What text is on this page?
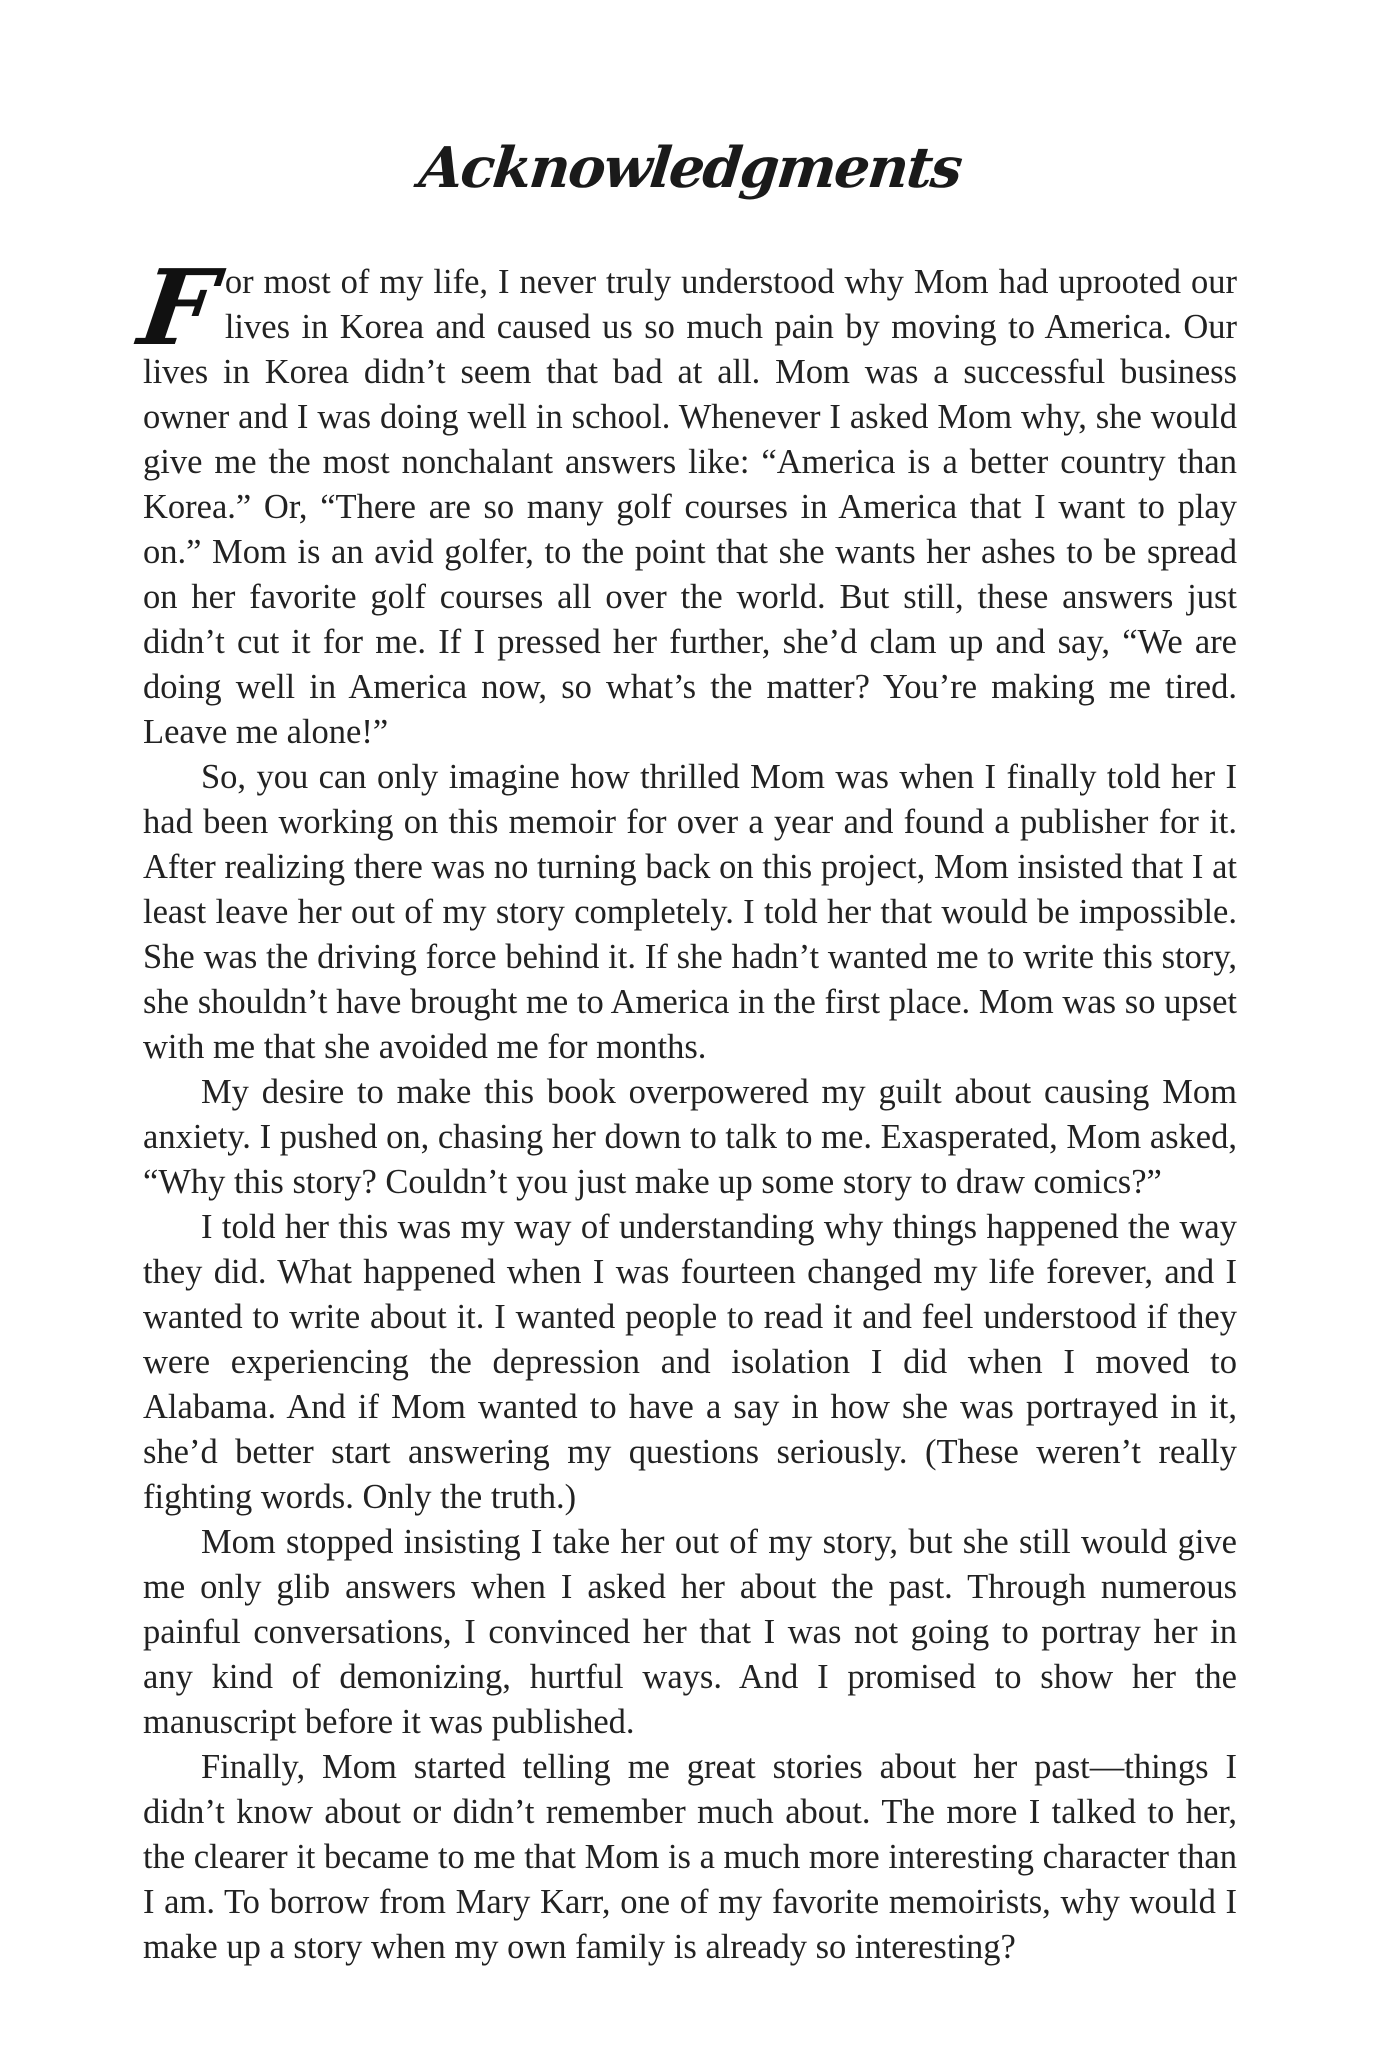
Acknowledgments

For most of my life, I never truly understood why Mom had uprooted our lives in Korea and caused us so much pain by moving to America. Our lives in Korea didn’t seem that bad at all. Mom was a successful business owner and I was doing well in school. Whenever I asked Mom why, she would give me the most nonchalant answers like: “America is a better country than Korea.” Or, “There are so many golf courses in America that I want to play on.” Mom is an avid golfer, to the point that she wants her ashes to be spread on her favorite golf courses all over the world. But still, these answers just didn’t cut it for me. If I pressed her further, she’d clam up and say, “We are doing well in America now, so what’s the matter? You’re making me tired. Leave me alone!”

So, you can only imagine how thrilled Mom was when I finally told her I had been working on this memoir for over a year and found a publisher for it. After realizing there was no turning back on this project, Mom insisted that I at least leave her out of my story completely. I told her that would be impossible. She was the driving force behind it. If she hadn’t wanted me to write this story, she shouldn’t have brought me to America in the first place. Mom was so upset with me that she avoided me for months.

My desire to make this book overpowered my guilt about causing Mom anxiety. I pushed on, chasing her down to talk to me. Exasperated, Mom asked, “Why this story? Couldn’t you just make up some story to draw comics?”

I told her this was my way of understanding why things happened the way they did. What happened when I was fourteen changed my life forever, and I wanted to write about it. I wanted people to read it and feel understood if they were experiencing the depression and isolation I did when I moved to Alabama. And if Mom wanted to have a say in how she was portrayed in it, she’d better start answering my questions seriously. (These weren’t really fighting words. Only the truth.)

Mom stopped insisting I take her out of my story, but she still would give me only glib answers when I asked her about the past. Through numerous painful conversations, I convinced her that I was not going to portray her in any kind of demonizing, hurtful ways. And I promised to show her the manuscript before it was published.

Finally, Mom started telling me great stories about her past—things I didn’t know about or didn’t remember much about. The more I talked to her, the clearer it became to me that Mom is a much more interesting character than I am. To borrow from Mary Karr, one of my favorite memoirists, why would I make up a story when my own family is already so interesting?
